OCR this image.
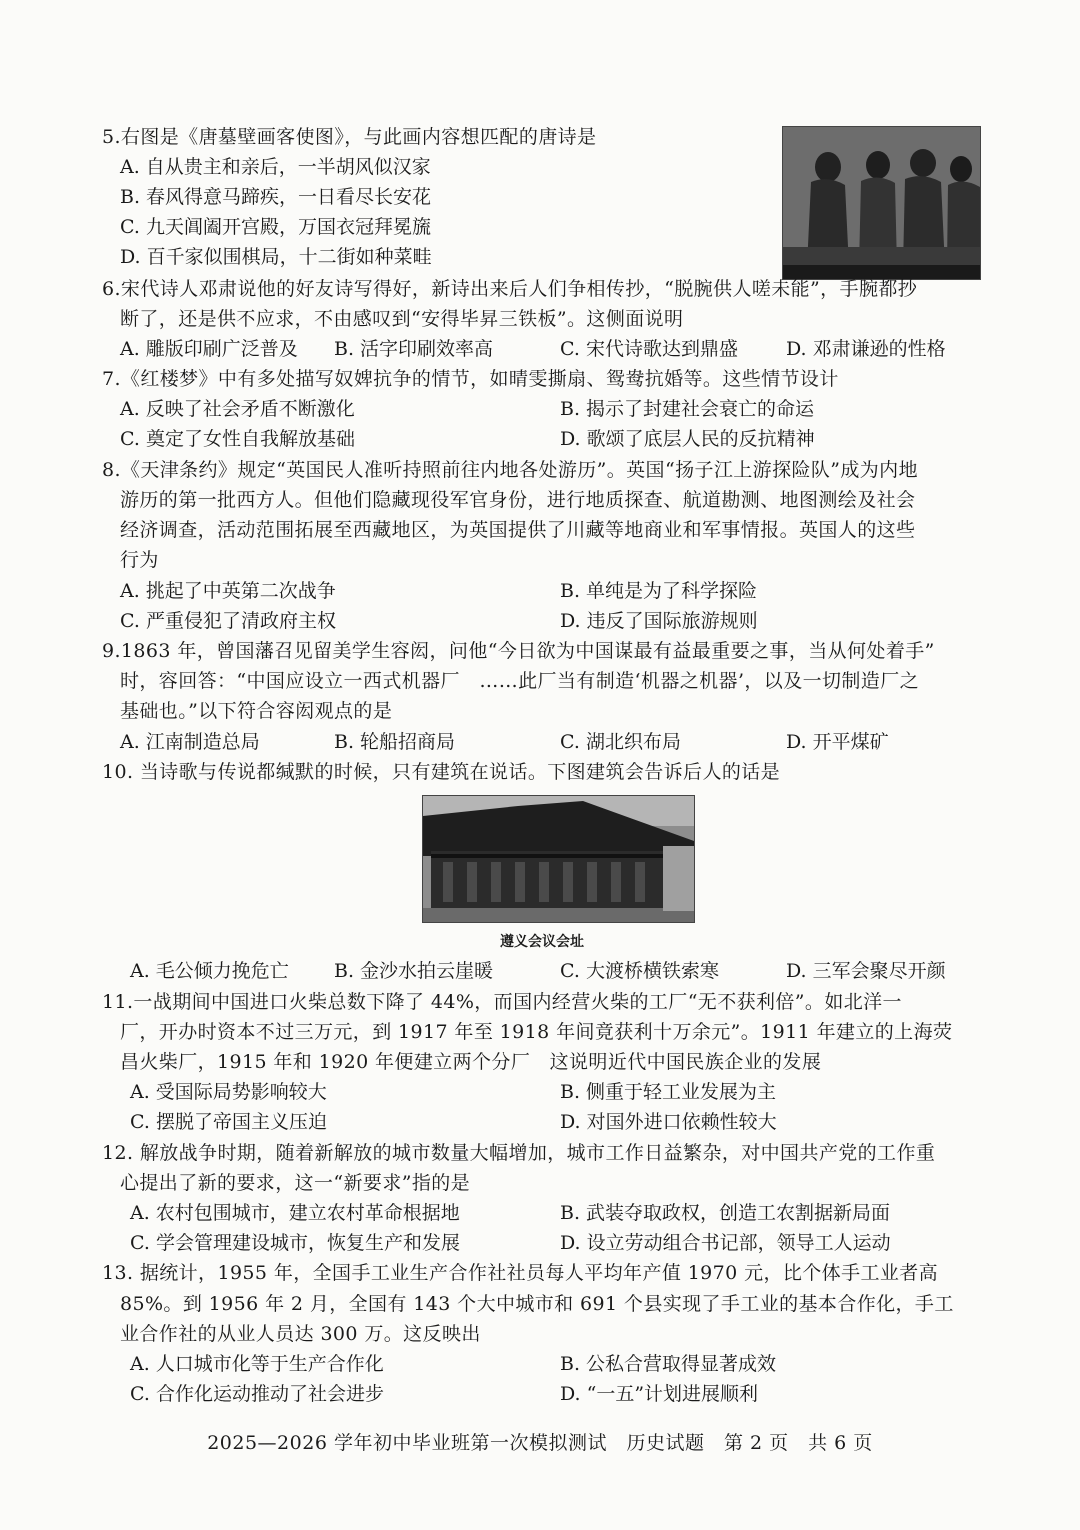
5.右图是《唐墓壁画客使图》，与此画内容想匹配的唐诗是
A. 自从贵主和亲后，一半胡风似汉家
B. 春风得意马蹄疾，一日看尽长安花
C. 九天阊阖开宫殿，万国衣冠拜冕旒
D. 百千家似围棋局，十二街如种菜畦
6.宋代诗人邓肃说他的好友诗写得好，新诗出来后人们争相传抄，“脱腕供人嗟未能”，手腕都抄
断了，还是供不应求，不由感叹到“安得毕昇三铁板”。这侧面说明
A. 雕版印刷广泛普及 B. 活字印刷效率高	C. 宋代诗歌达到鼎盛	D. 邓肃谦逊的性格
7.《红楼梦》中有多处描写奴婢抗争的情节，如晴雯撕扇、鸳鸯抗婚等。这些情节设计
A. 反映了社会矛盾不断激化	B. 揭示了封建社会衰亡的命运
C. 奠定了女性自我解放基础	D. 歌颂了底层人民的反抗精神
8.《天津条约》规定“英国民人准听持照前往内地各处游历”。英国“扬子江上游探险队”成为内地
游历的第一批西方人。但他们隐藏现役军官身份，进行地质探查、航道勘测、地图测绘及社会
经济调查，活动范围拓展至西藏地区，为英国提供了川藏等地商业和军事情报。英国人的这些
行为
A. 挑起了中英第二次战争	B. 单纯是为了科学探险
C. 严重侵犯了清政府主权	D. 违反了国际旅游规则
9.1863 年，曾国藩召见留美学生容闳，问他“今日欲为中国谋最有益最重要之事，当从何处着手”
时，容回答：“中国应设立一西式机器厂　……此厂当有制造‘机器之机器’，以及一切制造厂之
基础也。”以下符合容闳观点的是
A. 江南制造总局	B. 轮船招商局	C. 湖北织布局	D. 开平煤矿
10. 当诗歌与传说都缄默的时候，只有建筑在说话。下图建筑会告诉后人的话是
遵义会议会址
A. 毛公倾力挽危亡 B. 金沙水拍云崖暖	C. 大渡桥横铁索寒	D. 三军会聚尽开颜
11.一战期间中国进口火柴总数下降了 44%，而国内经营火柴的工厂“无不获利倍”。如北洋一
厂，开办时资本不过三万元，到 1917 年至 1918 年间竟获利十万余元”。1911 年建立的上海荧
昌火柴厂，1915 年和 1920 年便建立两个分厂　这说明近代中国民族企业的发展
A. 受国际局势影响较大	B. 侧重于轻工业发展为主
C. 摆脱了帝国主义压迫	D. 对国外进口依赖性较大
12. 解放战争时期，随着新解放的城市数量大幅增加，城市工作日益繁杂，对中国共产党的工作重
心提出了新的要求，这一“新要求”指的是
A. 农村包围城市，建立农村革命根据地	B. 武装夺取政权，创造工农割据新局面
C. 学会管理建设城市，恢复生产和发展	D. 设立劳动组合书记部，领导工人运动
13. 据统计，1955 年，全国手工业生产合作社社员每人平均年产值 1970 元，比个体手工业者高
85%。到 1956 年 2 月，全国有 143 个大中城市和 691 个县实现了手工业的基本合作化，手工
业合作社的从业人员达 300 万。这反映出
A. 人口城市化等于生产合作化	B. 公私合营取得显著成效
C. 合作化运动推动了社会进步	D. “一五”计划进展顺利
2025—2026 学年初中毕业班第一次模拟测试　历史试题　第 2 页　共 6 页
